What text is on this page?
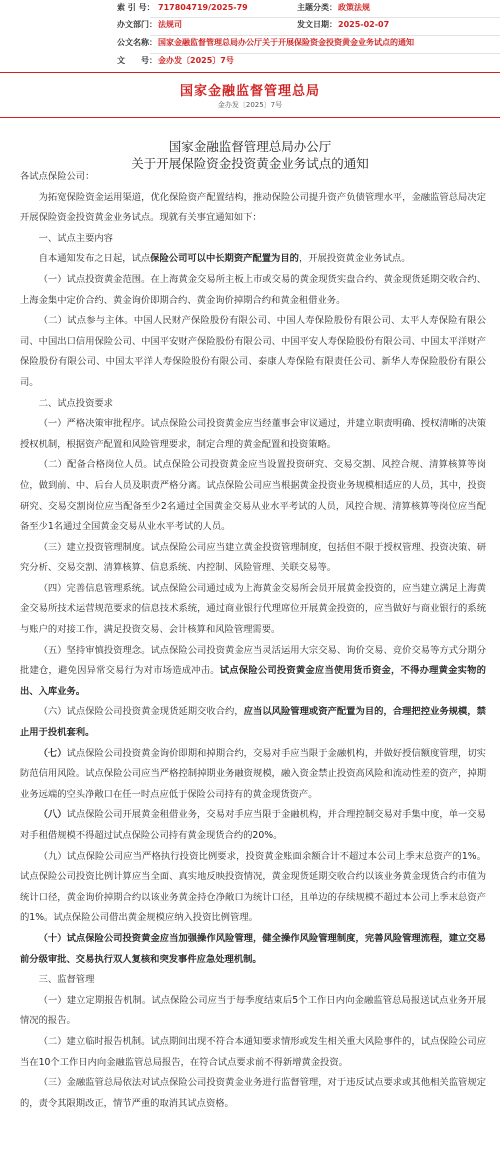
索 引 号： 717804719/2025-79	主题分类： 政策法规
办文部门： 法规司	发文日期： 2025-02-07
公文名称： 国家金融监督管理总局办公厅关于开展保险资金投资黄金业务试点的通知
文　　号： 金办发〔2025〕7号
国家金融监督管理总局
金办发〔2025〕7号
国家金融监督管理总局办公厅
关于开展保险资金投资黄金业务试点的通知

各试点保险公司：

为拓宽保险资金运用渠道，优化保险资产配置结构，推动保险公司提升资产负债管理水平，金融监管总局决定开展保险资金投资黄金业务试点。现就有关事宜通知如下：

一、试点主要内容

自本通知发布之日起，试点保险公司可以中长期资产配置为目的，开展投资黄金业务试点。

（一）试点投资黄金范围。在上海黄金交易所主板上市或交易的黄金现货实盘合约、黄金现货延期交收合约、上海金集中定价合约、黄金询价即期合约、黄金询价掉期合约和黄金租借业务。

（二）试点参与主体。中国人民财产保险股份有限公司、中国人寿保险股份有限公司、太平人寿保险有限公司、中国出口信用保险公司、中国平安财产保险股份有限公司、中国平安人寿保险股份有限公司、中国太平洋财产保险股份有限公司、中国太平洋人寿保险股份有限公司、泰康人寿保险有限责任公司、新华人寿保险股份有限公司。

二、试点投资要求

（一）严格决策审批程序。试点保险公司投资黄金应当经董事会审议通过，并建立职责明确、授权清晰的决策授权机制，根据资产配置和风险管理要求，制定合理的黄金配置和投资策略。

（二）配备合格岗位人员。试点保险公司投资黄金应当设置投资研究、交易交割、风控合规、清算核算等岗位，做到前、中、后台人员及职责严格分离。试点保险公司应当根据黄金投资业务规模相适应的人员，其中，投资研究、交易交割岗位应当配备至少2名通过全国黄金交易从业水平考试的人员，风控合规、清算核算等岗位应当配备至少1名通过全国黄金交易从业水平考试的人员。

（三）建立投资管理制度。试点保险公司应当建立黄金投资管理制度，包括但不限于授权管理、投资决策、研究分析、交易交割、清算核算、信息系统、内控制、风险管理、关联交易等。

（四）完善信息管理系统。试点保险公司通过成为上海黄金交易所会员开展黄金投资的，应当建立满足上海黄金交易所技术运营规范要求的信息技术系统，通过商业银行代理席位开展黄金投资的，应当做好与商业银行的系统与账户的对接工作，满足投资交易、会计核算和风险管理需要。

（五）坚持审慎投资理念。试点保险公司投资黄金应当灵活运用大宗交易、询价交易、竞价交易等方式分期分批建仓，避免因异常交易行为对市场造成冲击。试点保险公司投资黄金应当使用货币资金，不得办理黄金实物的出、入库业务。

（六）试点保险公司投资黄金现货延期交收合约，应当以风险管理或资产配置为目的，合理把控业务规模，禁止用于投机套利。

（七）试点保险公司投资黄金询价即期和掉期合约，交易对手应当限于金融机构，并做好授信额度管理，切实防范信用风险。试点保险公司应当严格控制掉期业务融资规模，融入资金禁止投资高风险和流动性差的资产，掉期业务远端的空头净敞口在任一时点应低于保险公司持有的黄金现货资产。

（八）试点保险公司开展黄金租借业务，交易对手应当限于金融机构，并合理控制交易对手集中度，单一交易对手租借规模不得超过试点保险公司持有黄金现货合约的20%。

（九）试点保险公司应当严格执行投资比例要求，投资黄金账面余额合计不超过本公司上季末总资产的1%。试点保险公司投资比例计算应当全面、真实地反映投资情况，黄金现货延期交收合约以该业务黄金现货合约市值为统计口径，黄金询价掉期合约以该业务黄金持仓净敞口为统计口径，且单边的存续规模不超过本公司上季末总资产的1%。试点保险公司借出黄金规模应纳入投资比例管理。

（十）试点保险公司投资黄金应当加强操作风险管理，健全操作风险管理制度，完善风险管理流程，建立交易前分级审批、交易执行双人复核和突发事件应急处理机制。

三、监督管理

（一）建立定期报告机制。试点保险公司应当于每季度结束后5个工作日内向金融监管总局报送试点业务开展情况的报告。

（二）建立临时报告机制。试点期间出现不符合本通知要求情形或发生相关重大风险事件的，试点保险公司应当在10个工作日内向金融监管总局报告，在符合试点要求前不得新增黄金投资。

（三）金融监管总局依法对试点保险公司投资黄金业务进行监督管理，对于违反试点要求或其他相关监管规定的，责令其限期改正，情节严重的取消其试点资格。
